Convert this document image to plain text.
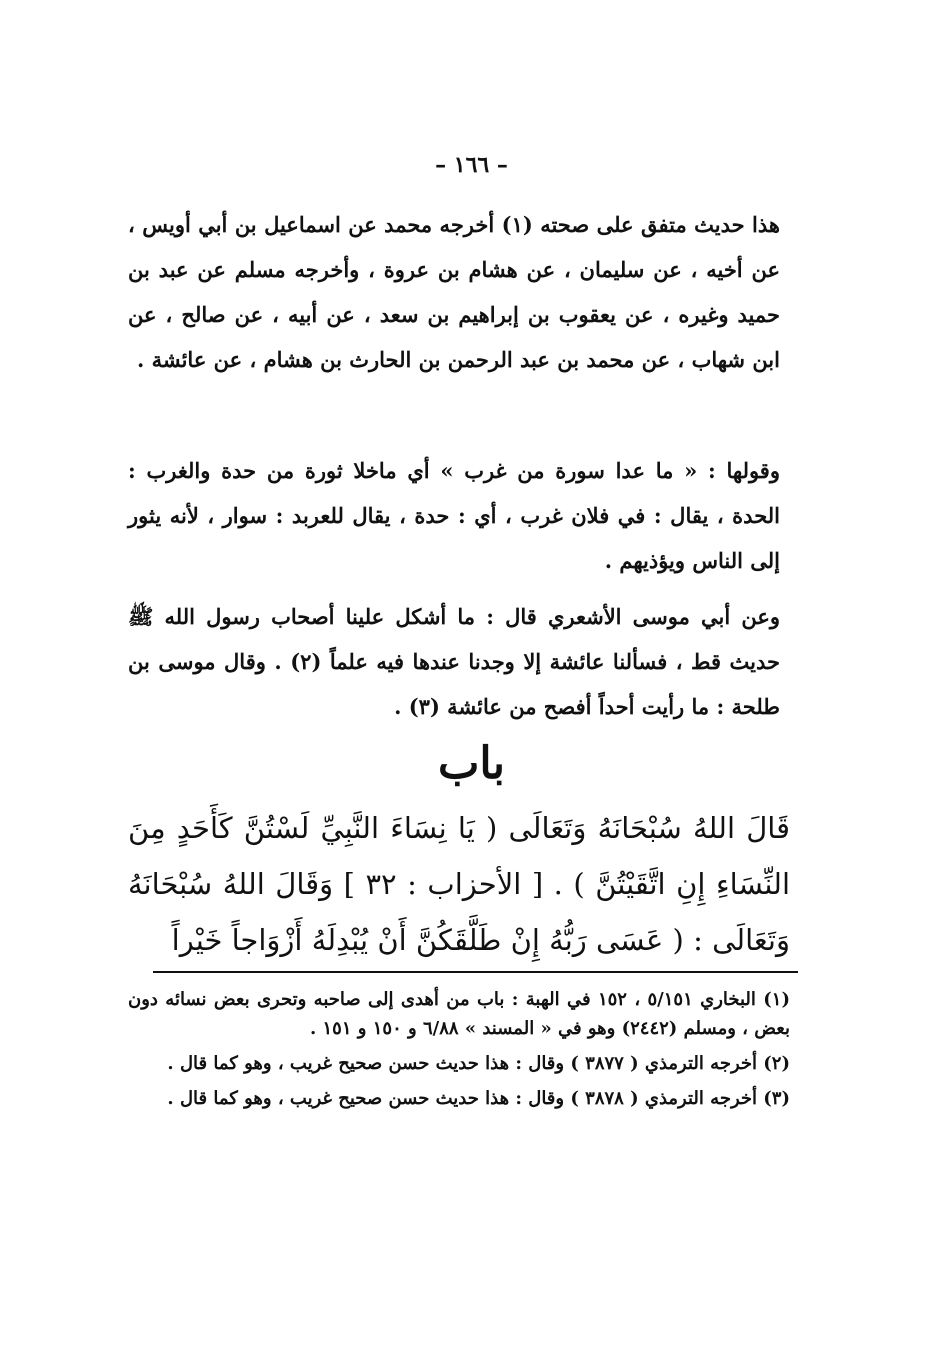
– ١٦٦ –

هذا حديث متفق على صحته (١) أخرجه محمد عن اسماعيل بن أبي أويس ، عن أخيه ، عن سليمان ، عن هشام بن عروة ، وأخرجه مسلم عن عبد بن حميد وغيره ، عن يعقوب بن إبراهيم بن سعد ، عن أبيه ، عن صالح ، عن ابن شهاب ، عن محمد بن عبد الرحمن بن الحارث بن هشام ، عن عائشة .

وقولها : « ما عدا سورة من غرب » أي ماخلا ثورة من حدة والغرب : الحدة ، يقال : في فلان غرب ، أي : حدة ، يقال للعربد : سوار ، لأنه يثور إلى الناس ويؤذيهم .

وعن أبي موسى الأشعري قال : ما أشكل علينا أصحاب رسول الله ﷺ حديث قط ، فسألنا عائشة إلا وجدنا عندها فيه علماً (٢) . وقال موسى بن طلحة : ما رأيت أحداً أفصح من عائشة (٣) .

باب

قَالَ اللهُ سُبْحَانَهُ وَتَعَالَى ( يَا نِسَاءَ النَّبِيِّ لَسْتُنَّ كَأَحَدٍ مِنَ النِّسَاءِ إِنِ اتَّقَيْتُنَّ ) . [ الأحزاب : ٣٢ ] وَقَالَ اللهُ سُبْحَانَهُ وَتَعَالَى : ( عَسَى رَبُّهُ إِنْ طَلَّقَكُنَّ أَنْ يُبْدِلَهُ أَزْوَاجاً خَيْراً

(١) البخاري ٥/١٥١ ، ١٥٢ في الهبة : باب من أهدى إلى صاحبه وتحرى بعض نسائه دون بعض ، ومسلم (٢٤٤٢) وهو في « المسند » ٦/٨٨ و ١٥٠ و ١٥١ .

(٢) أخرجه الترمذي ( ٣٨٧٧ ) وقال : هذا حديث حسن صحيح غريب ، وهو كما قال .

(٣) أخرجه الترمذي ( ٣٨٧٨ ) وقال : هذا حديث حسن صحيح غريب ، وهو كما قال .
